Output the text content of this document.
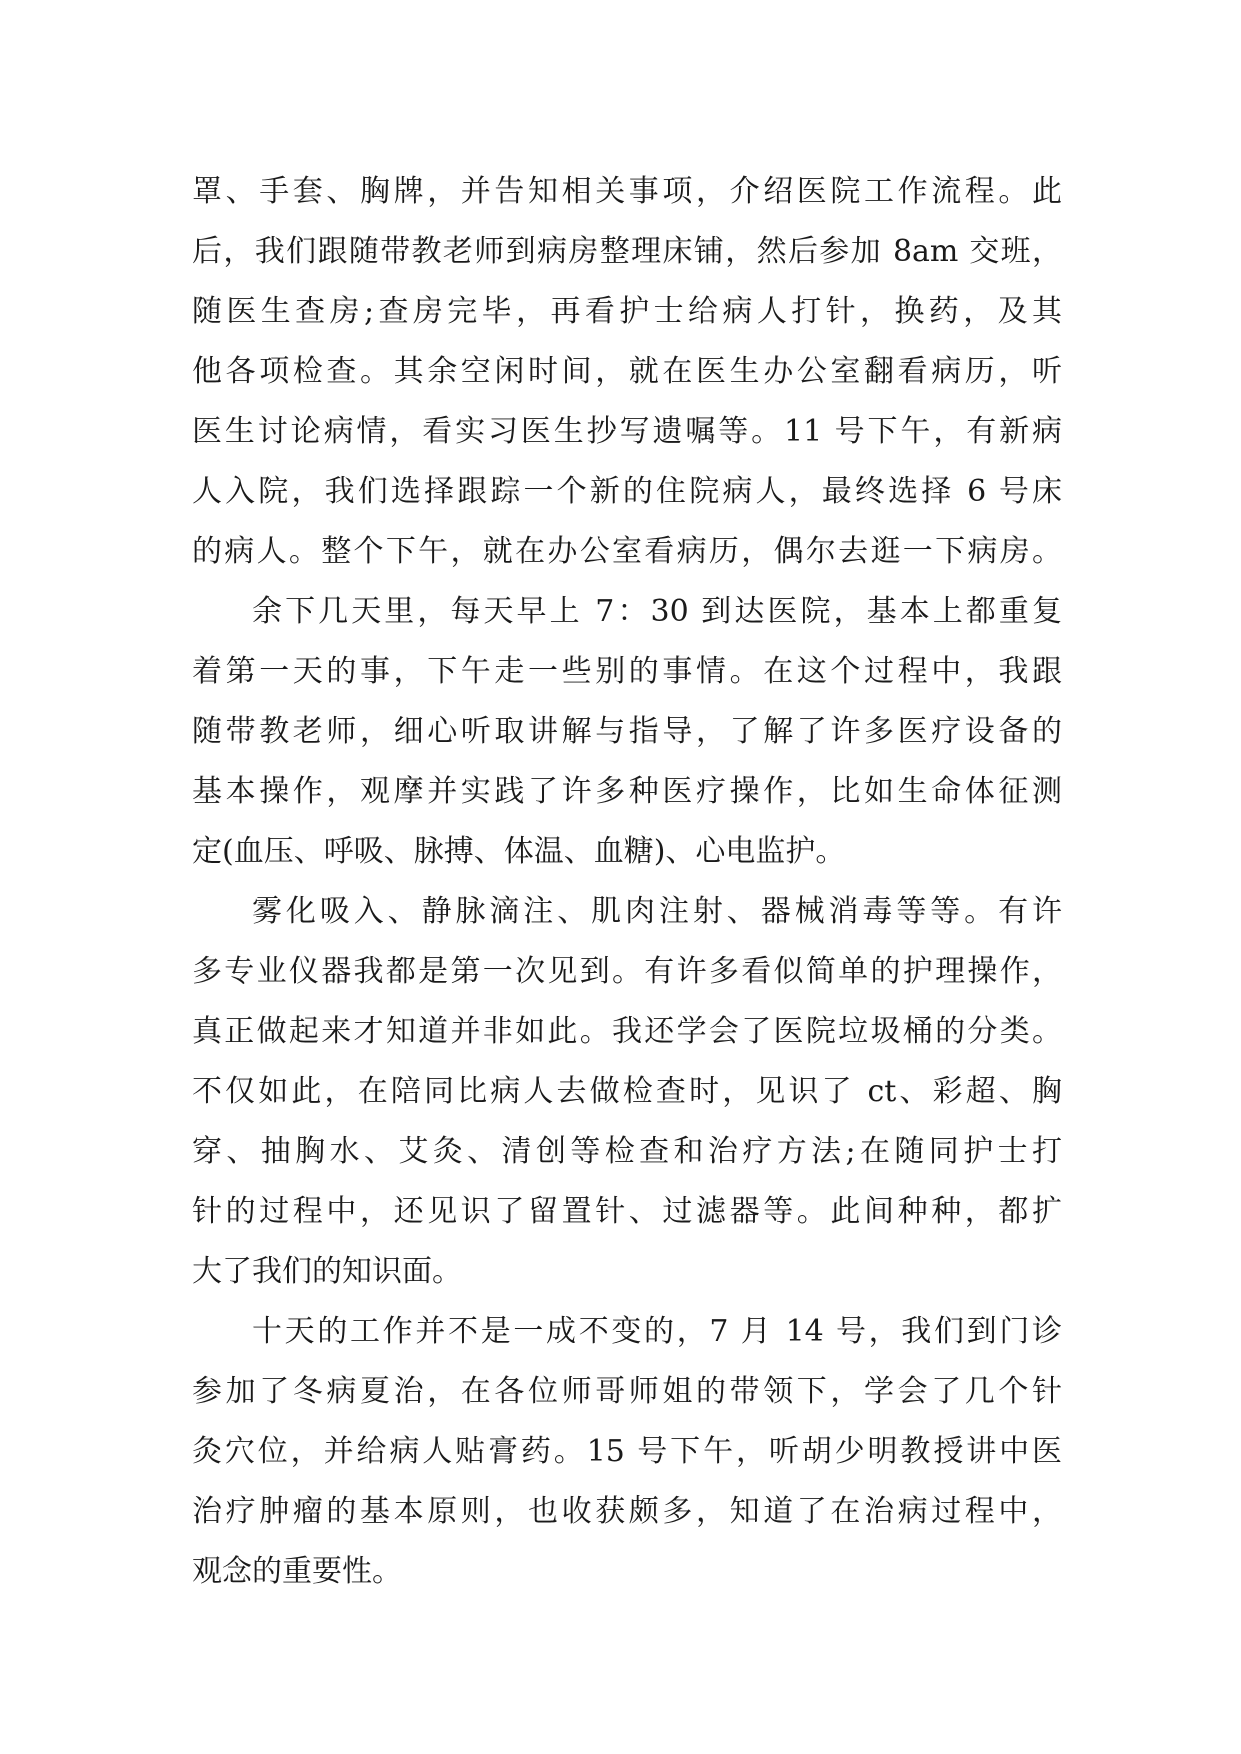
罩、手套、胸牌，并告知相关事项，介绍医院工作流程。此
后，我们跟随带教老师到病房整理床铺，然后参加 8am 交班，
随医生查房;查房完毕，再看护士给病人打针，换药，及其
他各项检查。其余空闲时间，就在医生办公室翻看病历，听
医生讨论病情，看实习医生抄写遗嘱等。11 号下午，有新病
人入院，我们选择跟踪一个新的住院病人，最终选择 6 号床
的病人。整个下午，就在办公室看病历，偶尔去逛一下病房。
余下几天里，每天早上 7：30 到达医院，基本上都重复
着第一天的事，下午走一些别的事情。在这个过程中，我跟
随带教老师，细心听取讲解与指导，了解了许多医疗设备的
基本操作，观摩并实践了许多种医疗操作，比如生命体征测
定(血压、呼吸、脉搏、体温、血糖)、心电监护。
雾化吸入、静脉滴注、肌肉注射、器械消毒等等。有许
多专业仪器我都是第一次见到。有许多看似简单的护理操作，
真正做起来才知道并非如此。我还学会了医院垃圾桶的分类。
不仅如此，在陪同比病人去做检查时，见识了 ct、彩超、胸
穿、抽胸水、艾灸、清创等检查和治疗方法;在随同护士打
针的过程中，还见识了留置针、过滤器等。此间种种，都扩
大了我们的知识面。
十天的工作并不是一成不变的，7 月 14 号，我们到门诊
参加了冬病夏治，在各位师哥师姐的带领下，学会了几个针
灸穴位，并给病人贴膏药。15 号下午，听胡少明教授讲中医
治疗肿瘤的基本原则，也收获颇多，知道了在治病过程中，
观念的重要性。
